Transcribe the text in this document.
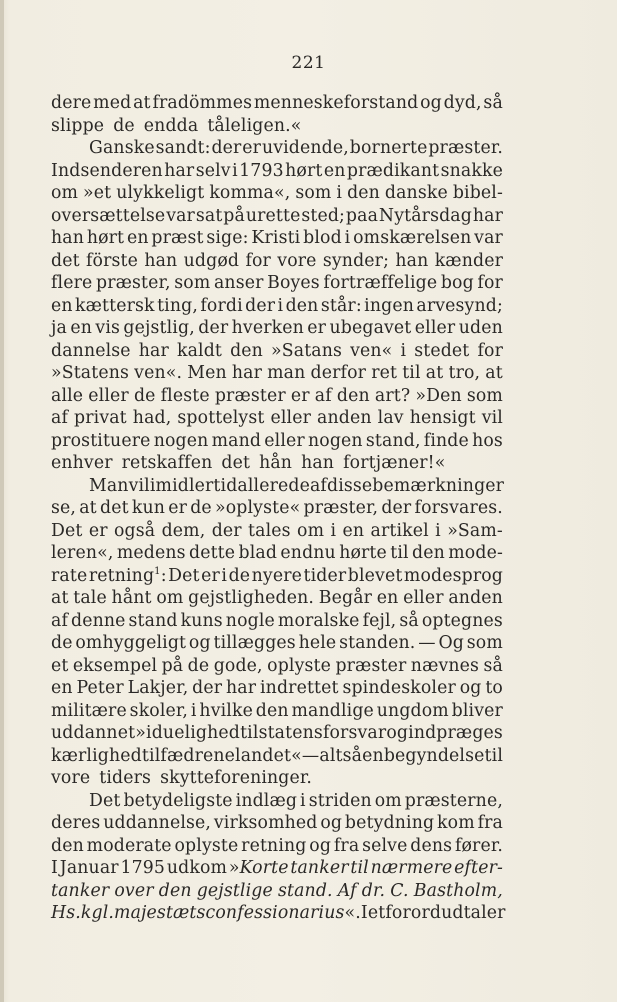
221
dere med at fradömmes menneskeforstand og dyd, så
slippe de endda tåleligen.«
Ganske sandt: der er uvidende, bornerte præster.
Indsenderen har selv i 1793 hørt en prædikant snakke
om »et ulykkeligt komma«, som i den danske bibel-
oversættelse var sat på urette sted; paa Nytårsdag har
han hørt en præst sige: Kristi blod i omskærelsen var
det förste han udgød for vore synder; han kænder
flere præster, som anser Boyes fortræffelige bog for
en kættersk ting, fordi der i den står: ingen arvesynd;
ja en vis gejstlig, der hverken er ubegavet eller uden
dannelse har kaldt den »Satans ven« i stedet for
»Statens ven«. Men har man derfor ret til at tro, at
alle eller de fleste præster er af den art? »Den som
af privat had, spottelyst eller anden lav hensigt vil
prostituere nogen mand eller nogen stand, finde hos
enhver retskaffen det hån han fortjæner!«
Man vil imidlertid allerede af disse bemærkninger
se, at det kun er de »oplyste« præster, der forsvares.
Det er også dem, der tales om i en artikel i »Sam-
leren«, medens dette blad endnu hørte til den mode-
rate retning$^1$: Det er i de nyere tider blevet modesprog
at tale hånt om gejstligheden. Begår en eller anden
af denne stand kuns nogle moralske fejl, så optegnes
de omhyggeligt og tillægges hele standen. — Og som
et eksempel på de gode, oplyste præster nævnes så
en Peter Lakjer, der har indrettet spindeskoler og to
militære skoler, i hvilke den mandlige ungdom bliver
uddannet »i duelighed til statens forsvar og indpræges
kærlighed til fædrenelandet« — altså en begyndelse til
vore tiders skytteforeninger.
Det betydeligste indlæg i striden om præsterne,
deres uddannelse, virksomhed og betydning kom fra
den moderate oplyste retning og fra selve dens fører.
I Januar 1795 udkom »Korte tanker til nærmere efter-
tanker over den gejstlige stand. Af dr. C. Bastholm,
Hs. kgl. majestæts confessionarius«. I et forord udtaler
